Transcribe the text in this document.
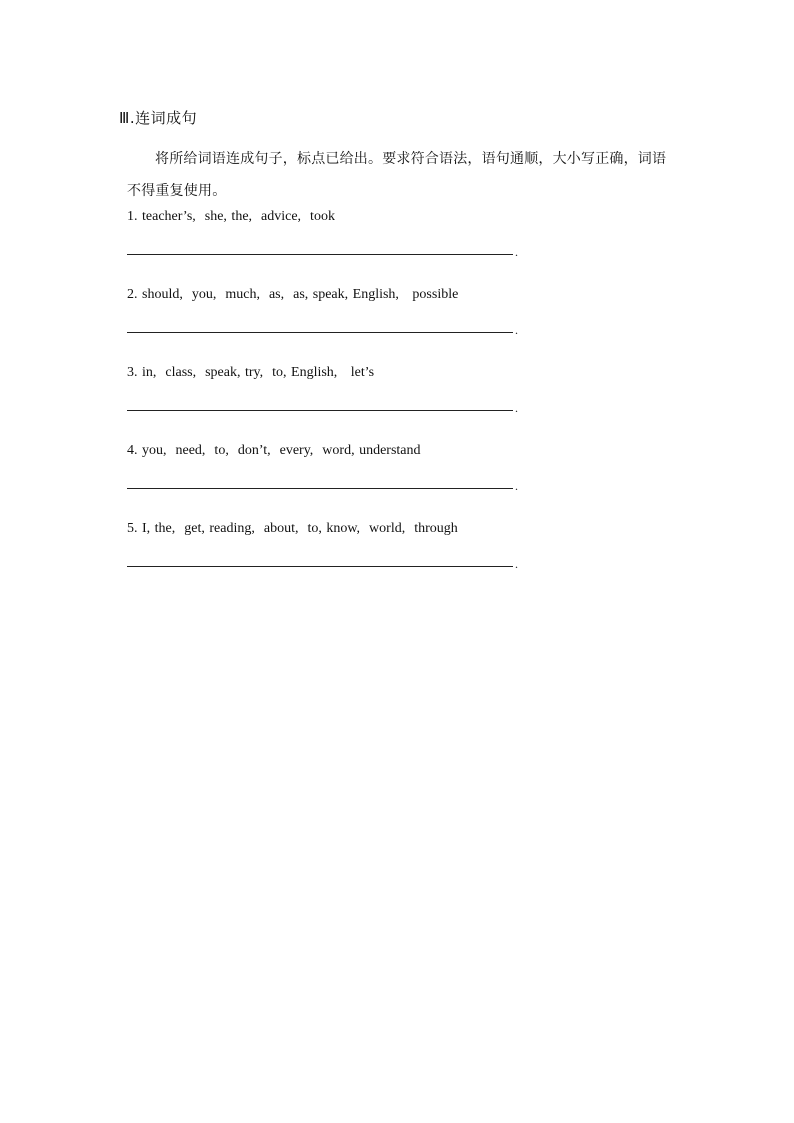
Ⅲ.连词成句
将所给词语连成句子，标点已给出。要求符合语法，语句通顺，大小写正确，词语不得重复使用。
1. teacher’s,  she, the,  advice,  took
.
2. should,  you,  much,  as,  as, speak, English,   possible
.
3. in,  class,  speak, try,  to, English,   let’s
.
4. you,  need,  to,  don’t,  every,  word, understand
.
5. I, the,  get, reading,  about,  to, know,  world,  through
.
